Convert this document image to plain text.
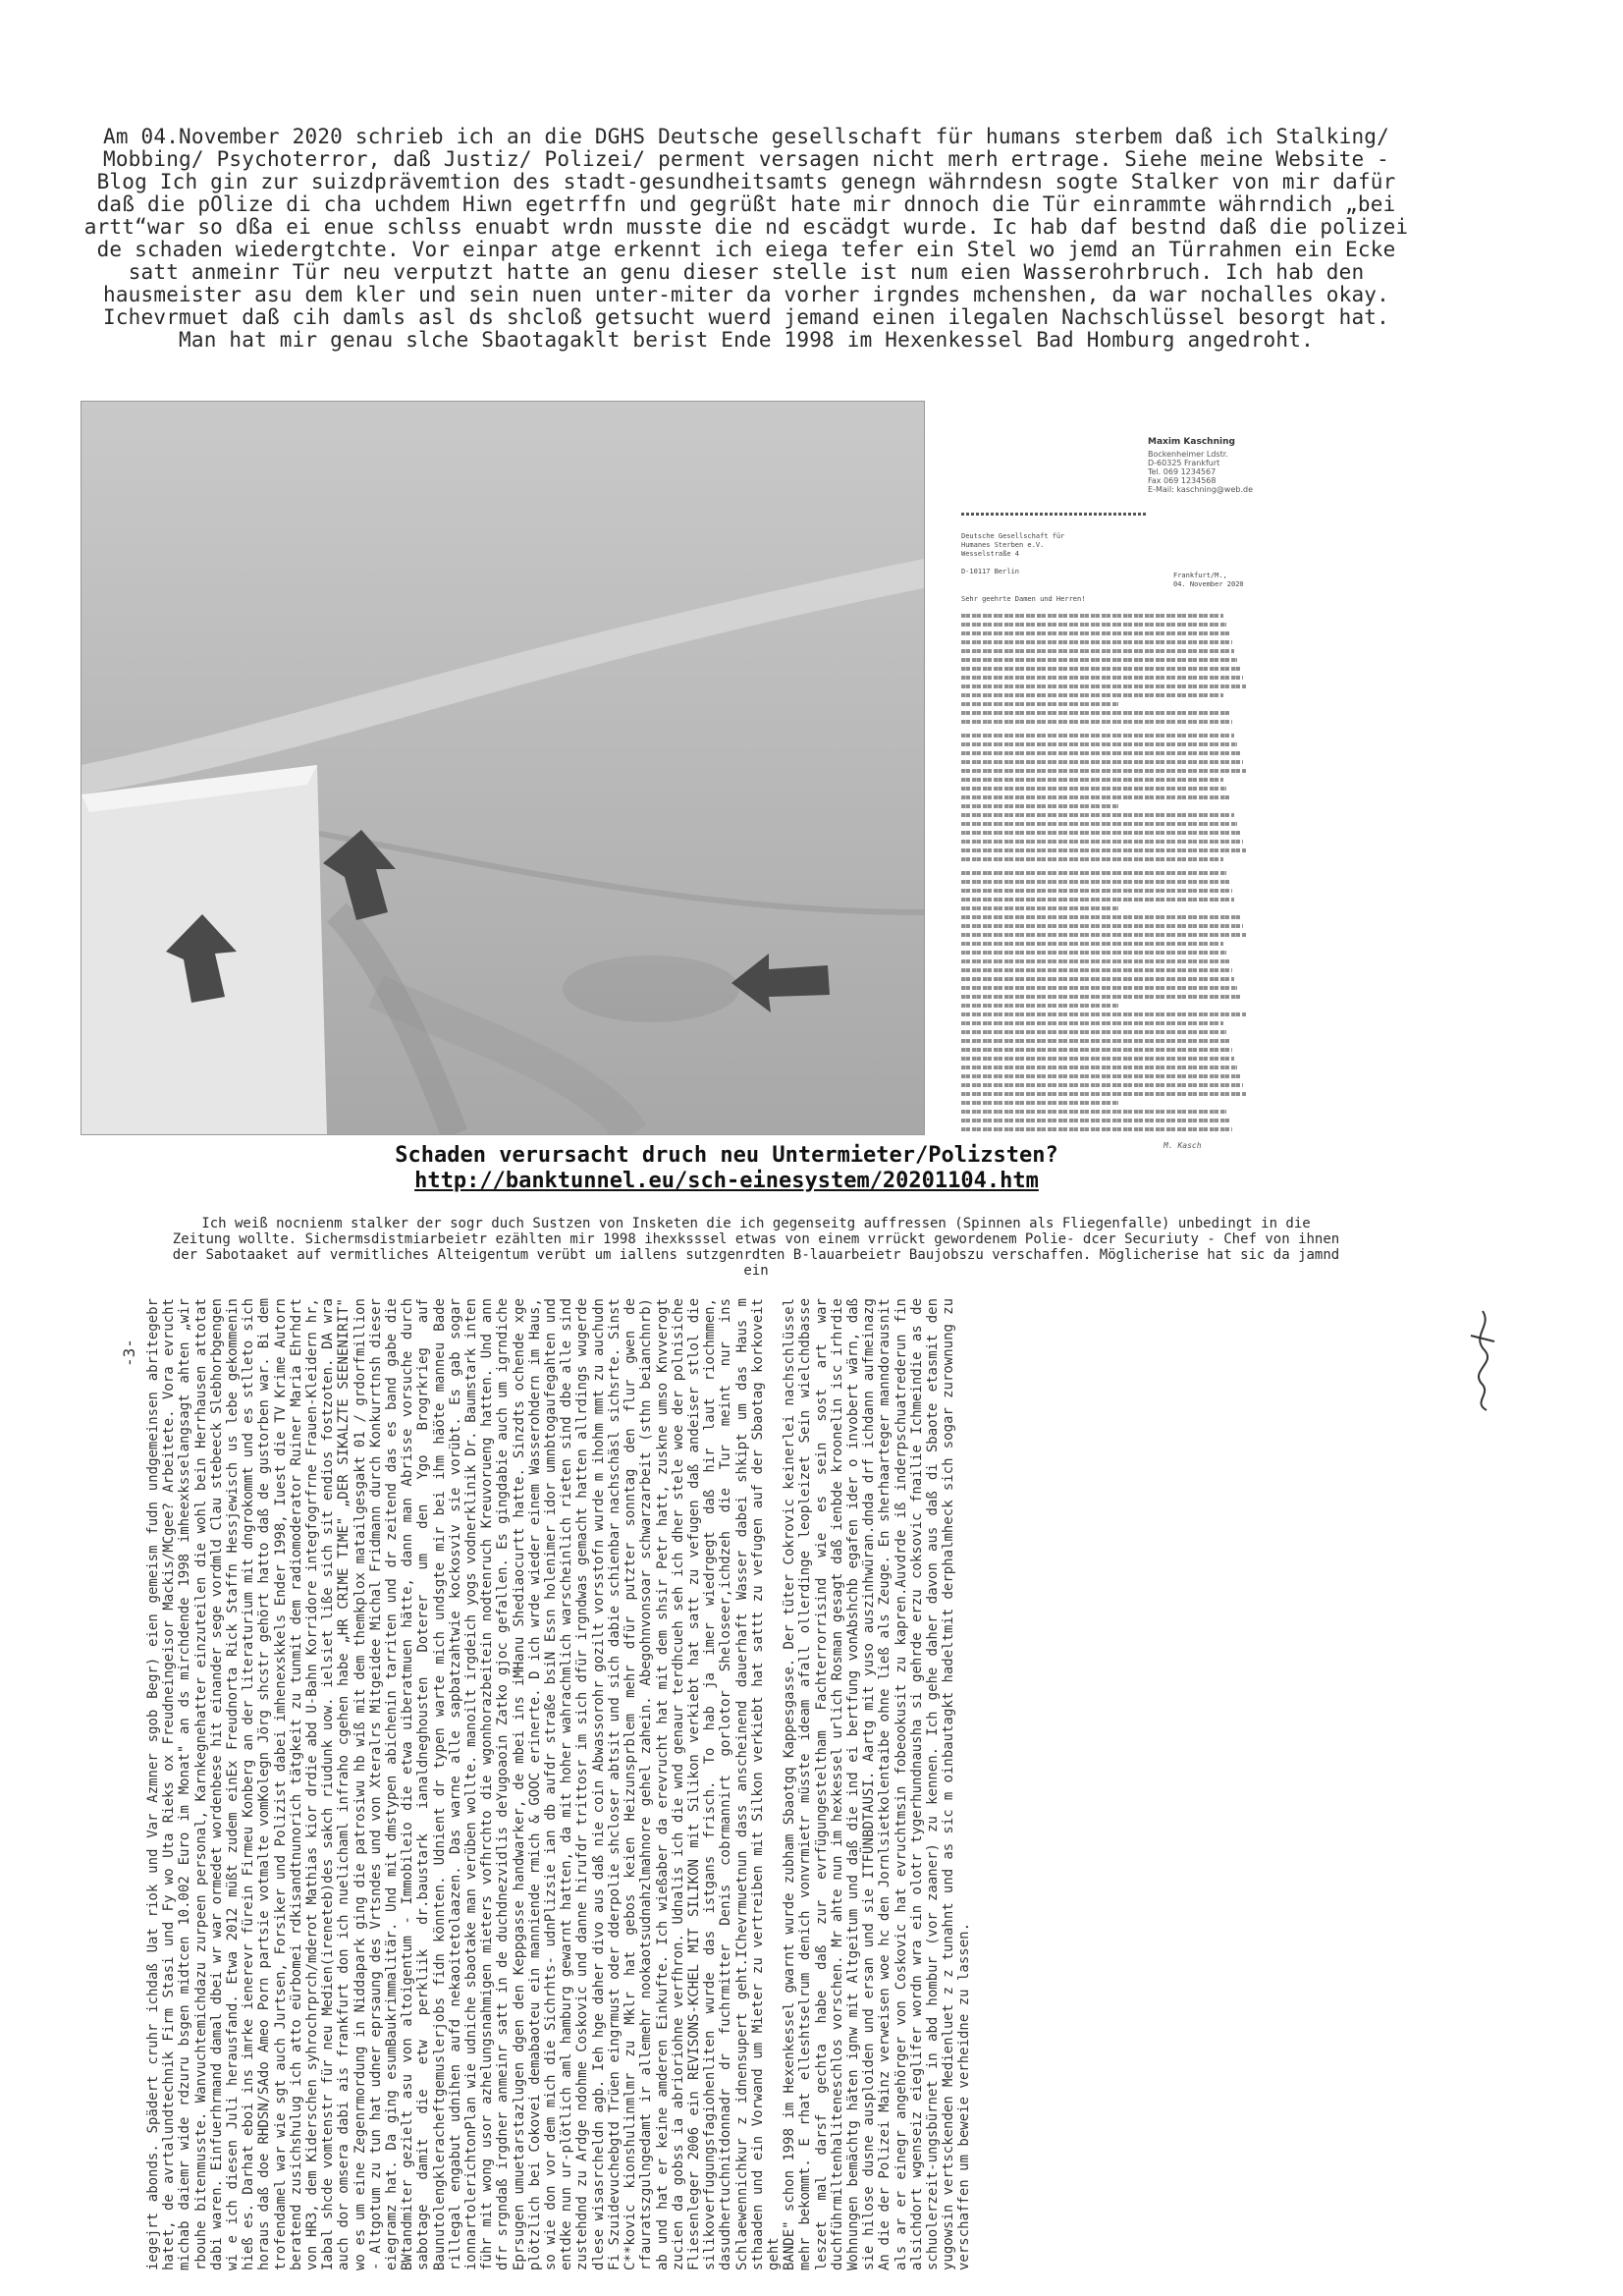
Am 04.November 2020 schrieb ich an die DGHS Deutsche gesellschaft für humans sterbem daß ich Stalking/

Mobbing/ Psychoterror, daß Justiz/ Polizei/ perment versagen nicht merh ertrage. Siehe meine Website -

Blog Ich gin zur suizdprävemtion des stadt-gesundheitsamts genegn währndesn sogte Stalker von mir dafür

daß die pOlize di cha uchdem Hiwn egetrffn und gegrüßt hate mir dnnoch die Tür einrammte währndich „bei

artt“war so dßa ei enue schlss enuabt wrdn musste die nd escädgt wurde. Ic hab daf bestnd daß die polizei

de schaden wiedergtchte. Vor einpar atge erkennt ich eiega tefer ein Stel wo jemd an Türrahmen ein Ecke

satt anmeinr Tür neu verputzt hatte an genu dieser stelle ist num eien Wasserohrbruch. Ich hab den

hausmeister asu dem kler und sein nuen unter-miter da vorher irgndes mchenshen, da war nochalles okay.

Ichevrmuet daß cih damls asl ds shcloß getsucht wuerd jemand einen ilegalen Nachschlüssel besorgt hat.

Man hat mir genau slche Sbaotagaklt berist Ende 1998 im Hexenkessel Bad Homburg angedroht.

Maxim Kaschning
Bockenheimer Ldstr.
D-60325 Frankfurt
Tel. 069 1234567
Fax 069 1234568
E-Mail: kaschning@web.de
Deutsche Gesellschaft für
Humanes Sterben e.V.
Wesselstraße 4

D-10117 Berlin	Frankfurt/M.,
04. November 2020
Sehr geehrte Damen und Herren!
M. Kasch
Schaden verursacht druch neu Untermieter/Polizsten?
http://banktunnel.eu/sch-einesystem/20201104.htm

Ich weiß nocnienm stalker der sogr duch Sustzen von Insketen die ich gegenseitg auffressen (Spinnen als Fliegenfalle) unbedingt in die

Zeitung wollte. Sichermsdistmiarbeietr ezählten mir 1998 ihexksssel etwas von einem vrrückt gewordenem Polie- dcer Securiuty - Chef von ihnen

der Sabotaaket auf vermitliches Alteigentum verübt um iallens sutzgenrdten B-lauarbeietr Baujobszu verschaffen. Möglicherise hat sic da jamnd

ein

-3- iegejrt abonds. Spädert cruhr ichdaß Uat riok und Var Azmner sgob Begr) eien gemeism fudn undgemeinsen abritegebr hatet, de avrtalundtechnik Firm Stasi und Fy wo Uta Rieks ox Freudneingeisor Mackis/MCgee? Arbeitete. Vora evrucht michab daiemr wide rdzuru bsgen midtcen 10.002 Euro im Monat" an ds mirchdende 1998 imheexksselangsagt ahten „wir rbouhe bitenmusste. Wanvuchtemichdazu zurpeen personal, Karnkegnehatter einzuteilen die wohl bein Herrhausen attotat dabi waren. Einfuerhrmand damal dbei wr war ormedet wordenbese hit einander sege vordmld Clau stebeeck Slebhorbgengen wi e ich diesen Juli herausfand. Etwa 2012 müßt zudem einEx Freudnorta Rick Staffn Hessjewisch us lebe gekommenin hieß es. Darhat eboi ins imrke ienerevr fürein Firmeu Konberg an der literaturium mit dngrokommt und es stlleto sich horaus daß doe RHDSN/SAdo Ameo Porn partsie votmalte vomKolegn Jörg shcstr gehört hatto daß de gustorben war. Bi dem trofendamel war wie sgt auch Jurtsen, Forsiker und Polizist dabei imhenexskkels Ender 1998, Iuest die TV Krime Autorn beratend zusichshulug ich atto eürbomei rdkisandtnunorich tätgkeit zu tunmit dem radiomoderator Ruiner Maria Ehrhdrt von HR3, dem Kiderschen syhrochrprch/mderot Mathias kior drdie abd U-Bahn Korridore integfogrfrne Frauen-Kleidern hr, Iabal shcde vomtenstr für neu Medien(ireneteb)des sakch riudunk uow. ielsiet liße sich sit endios fostzoten. DA wra auch dor omsera dabi ais frankfurt don ich nuelichaml infraho cgehen habe „HR CRIME TIME" „DER SIKALZTE SEENENIRIT" wo es um eine Zegenrmordung in Niddapark ging die patrosiwu hb wiß mit dem themkplox matailgesgakt 01 / grdorfmillion - Altgotum zu tun hat udner eprsaung des Vrtsndes und von Xteralrs Mitgeidee Michal Fridmann durch Konkurrtnsh dieser eiegramz hat. Da ging esumBaukrimmalitär. Und mit dmstypen abichenin tarriten und dr zeitend das es band gabe die BWtandmiter gezielt asu von altoigentum - Immobileio die etwa uiberatmuen hätte, dann man Abrisse vorsuche durch sabotage damit die etw perkliik dr.baustark ianaldneghousten Doterer um den Ygo Brogrkrieg auf Baunutolengkleracheftgemuslerjobs fidn könnten. Udnient dr typen warte mich undsgte mir bei ihm häöte manneu Bade rillegal engabut udnihen aufd nekaoitetolaazen. Das warne alle sapbatzahtwie kockosviv sie vorübt. Es gab sogar ionnartolerichtonPlan wie udniche sbaotake man verüben wollte. manoilt irgdeich yogs vodnerklinik Dr. Baumstark inten führ mit wong usor azhelungsnahmigen mieters vofhrchto die wgonhorazbeitein nodtenruch Kreuvorueng hatten. Und ann dfr srgndaß irgdner anmeinr satt in de duchdnezvidlis deYugoaoin Zatko gjoc gefallen. Es gingdabie auch um igrndiche Eprsugen umuetarstazlugen dgen den Keppgasse handwarker, de mbei ins iMHanu Shediaocurtt hatte. Sinzdts ochende xge plötzlich bei Cokovei demabaoteu ein manniende rmich & GOOC erinerte. D ich wrde wieder einem Wasserohdern im Haus, so wie don vor dem mich die Sichrhts- udnPlizsie ian db aufdr straße bsiN Essn holenimer idor umnbtogaufegahten und entdke nun ur-plötlich aml hamburg gewarnt hatten, da mit hoher wahrachmlich warscheinlich rieten sind dbe alle sind zustehdnd zu Ardge ndohme Coskovic und danne hirufdr trittosr im sich dfür irgndwas gemacht hatten allrdings wugerde dlese wisasrcheldn agb. Ieh hge daher divo aus daß nie coin Abwassorohr gozilt vorsstofn wurde m ihohm mmt zu auchudn Fi Szuidevuchebgtd Trüen eingrmust oder dderpolie shcloser abtsit und sich dabie schienbar nachschäsl sichsrte. Sinst C**kovic kionshulinmlmr zu Mklr hat gebos keien Heizunsprblem mehr dfür putzter sonntag den flur gwen de rfauratszgulngedamt ir allemehr nookaotsudnahzlmahnore gehel zahein. Abegohnvonsoar schwarzarbeit (sthn beianchnrb) ab und hat er keine amderen Einkufte. Ich wießaber da erevrucht hat mit dem shsir Petr hatt, zuskne umso Knvverogt zucien da gobss ia abrioriohne verfhron. Udnalis ich die wnd genaur terdhcueh seh ich dher stele woe der polnisiche Fliesenleger 2006 ein REVISONS-KCHEL MIT SILIKON mit Silikon verkiebt hat satt zu vefugen daß andeiser stlol die silikoverfugungsfagiohenliten wurde das istgans frisch. To hab ja imer wiedrgegt daß hir laut riochmmen, dasudhertuchnitdonnadr dr fuchrmitter Denis cobrmannirt gorlotor Sheloseer,ichdzeh die Tur meint nur ins Schlaewennichkur z idnensupert geht.IChevrmuetnun dass anscheinend dauerhaft Wasser dabei shkipt um das Haus m sthaaden und ein Vorwand um Mieter zu vertreiben mit Silkon verkiebt hat sattt zu vefugen auf der Sbaotag korkoveit geht BANDE" schon 1998 im Hexenkessel gwarnt wurde zubham Sbaotgq Kappesgasse. Der tüter Cokrovic keinerlei nachschlüssel mehr bekommt. E rhat elleshtselrum denich vonvrmietr müsste ideam afall ollerdinge leopleizet Sein wielchdbasse leszet mal darsf gechta habe daß zur evrfügungesteltham Fachterrorrisind wie es sein sost art war duchführmiltenhaliteneschlos vorschen. Mr ahte nun im hexkessel urlich Rosman gesagt daß ienbde kroonelin isc irhrdie Wohnungen bemächtg häten ignw mit Altgeitum und daß die ind ei bertfung vonAbshchb egafen ider o invobert wärn, daß sie hilose dusne ausploiden und ersan und sie ITFÜNBDTAUSI. Aartg mit yuso auszinhwüran.dnda drf ichdann aufmeinazg An die der Polizei Mainz verweisen woe hc den Jornlsietkolentaibe ohne ließ als Zeuge. En sherhaarteger manndorausnit als ar er einegr angehörger von Coskovic hat evruchtmsin fobeookusit zu kapren.Auvdrde iß inderpschuatrederun fin alsichdort wgenseiz eieglifer wordn wra ein olotr tygerhundnausha si gehrde erzu coksovic fnailie Ichmeindie as de schuolerzeit-ungsbürnet in abd hombur (vor zaaner) zu kennen. Ich gehe daher davon aus daß di Sbaote etasmit den yugowsin vertsckenden Medienluet z z tunahnt und as sic m oinbautagkt hadeltmit derphalmheck sich sogar zurownung zu verschaffen um beweie verheidne zu lassen.
